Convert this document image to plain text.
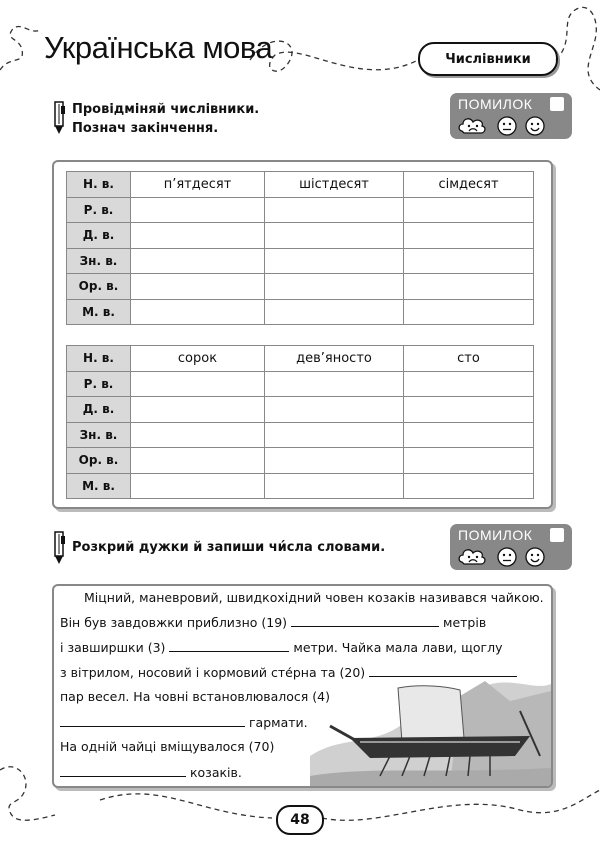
Українська мова	Числівники
Провідміняй числівники.
Познач закінчення.
ПОМИЛОК
Н. в.	п’ятдесят	шістдесят	сімдесят
Р. в.			
Д. в.			
Зн. в.			
Ор. в.			
М. в.			
Н. в.	сорок	дев’яносто	сто
Р. в.			
Д. в.			
Зн. в.			
Ор. в.			
М. в.			
Розкрий дужки й запиши чи́сла словами.
ПОМИЛОК
Міцний, маневровий, швидкохідний човен козаків називався чайкою.
Він був завдовжки приблизно (19)	метрів
і завширшки (3)	метри. Чайка мала лави, щоглу
з вітрилом, носовий і кормовий сте́рна та (20)
пар весел. На човні встановлювалося (4)
гармати.
На одній чайці вміщувалося (70)
козаків.
48
